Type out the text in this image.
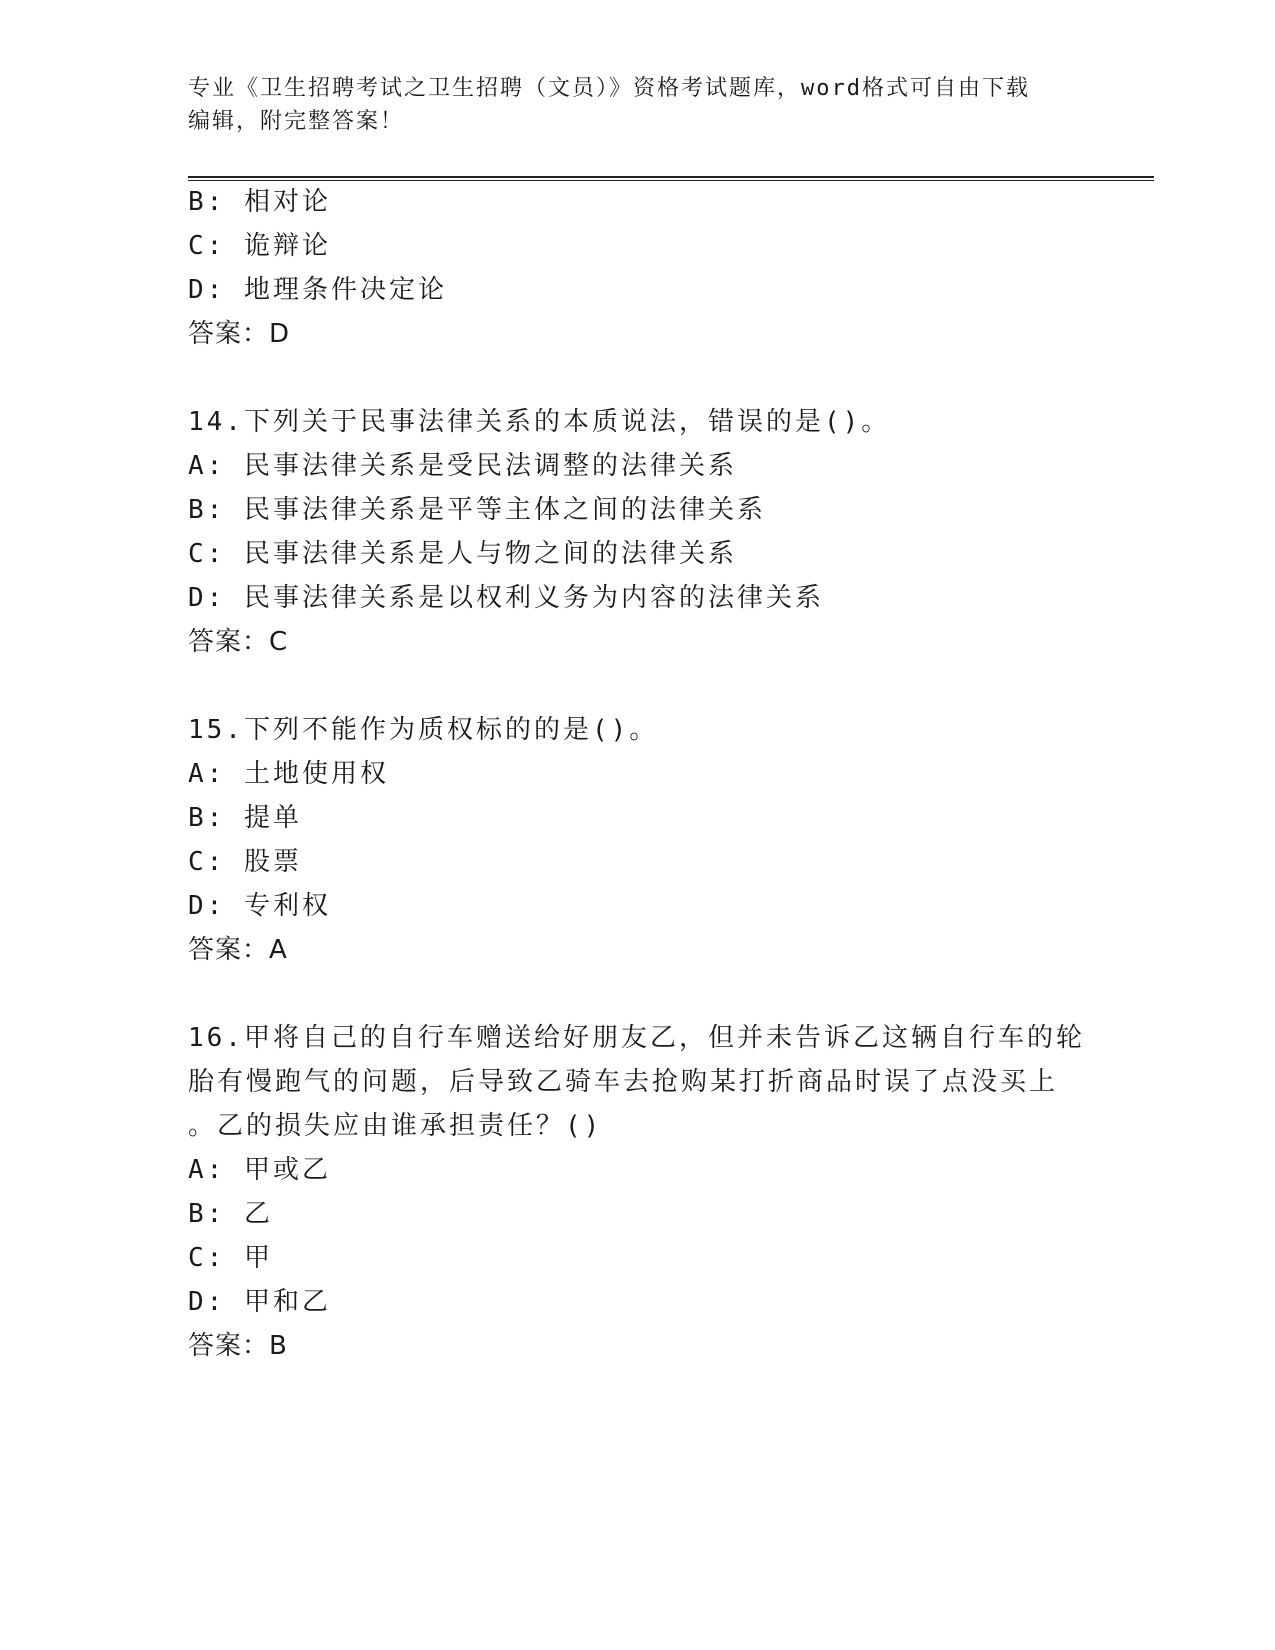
专业《卫生招聘考试之卫生招聘（文员）》资格考试题库，word格式可自由下载
编辑，附完整答案！
B: 相对论
C: 诡辩论
D: 地理条件决定论
答案：D
14.下列关于民事法律关系的本质说法，错误的是()。
A: 民事法律关系是受民法调整的法律关系
B: 民事法律关系是平等主体之间的法律关系
C: 民事法律关系是人与物之间的法律关系
D: 民事法律关系是以权利义务为内容的法律关系
答案：C
15.下列不能作为质权标的的是()。
A: 土地使用权
B: 提单
C: 股票
D: 专利权
答案：A
16.甲将自己的自行车赠送给好朋友乙，但并未告诉乙这辆自行车的轮
胎有慢跑气的问题，后导致乙骑车去抢购某打折商品时误了点没买上
。乙的损失应由谁承担责任？()
A: 甲或乙
B: 乙
C: 甲
D: 甲和乙
答案：B
